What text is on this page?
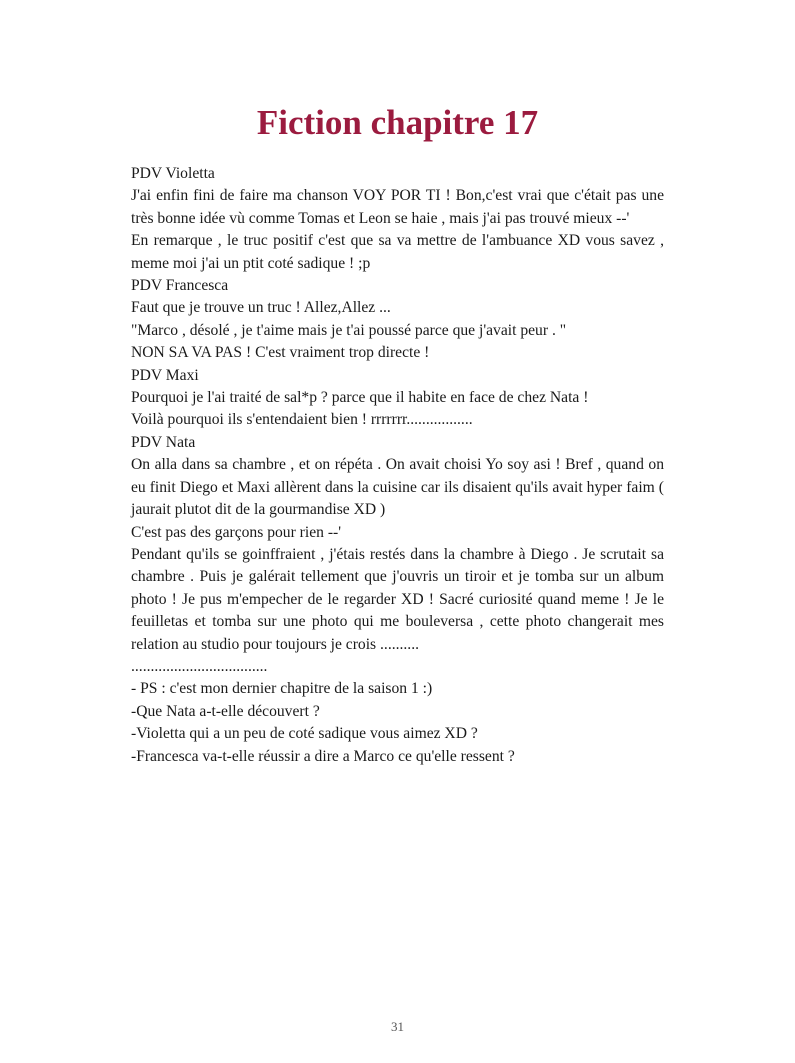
Fiction chapitre 17

PDV Violetta

J'ai enfin fini de faire ma chanson VOY POR TI ! Bon,c'est vrai que c'était pas une très bonne idée vù comme Tomas et Leon se haie , mais j'ai pas trouvé mieux --'

En remarque , le truc positif c'est que sa va mettre de l'ambuance XD vous savez , meme moi j'ai un ptit coté sadique ! ;p

PDV Francesca

Faut que je trouve un truc ! Allez,Allez ...

"Marco , désolé , je t'aime mais je t'ai poussé parce que j'avait peur . "

NON SA VA PAS ! C'est vraiment trop directe !

PDV Maxi

Pourquoi je l'ai traité de sal*p ? parce que il habite en face de chez Nata !

Voilà pourquoi ils s'entendaient bien ! rrrrrrr.................

PDV Nata

On alla dans sa chambre , et on répéta . On avait choisi Yo soy asi ! Bref , quand on eu finit Diego et Maxi allèrent dans la cuisine car ils disaient qu'ils avait hyper faim ( jaurait plutot dit de la gourmandise XD )

C'est pas des garçons pour rien --'

Pendant qu'ils se goinffraient , j'étais restés dans la chambre à Diego . Je scrutait sa chambre . Puis je galérait tellement que j'ouvris un tiroir et je tomba sur un album photo ! Je pus m'empecher de le regarder XD ! Sacré curiosité quand meme ! Je le feuilletas et tomba sur une photo qui me bouleversa , cette photo changerait mes relation au studio pour toujours je crois ..........

...................................

- PS : c'est mon dernier chapitre de la saison 1 :)

-Que Nata a-t-elle découvert ?

-Violetta qui a un peu de coté sadique vous aimez XD ?

-Francesca va-t-elle réussir a dire a Marco ce qu'elle ressent ?

31
